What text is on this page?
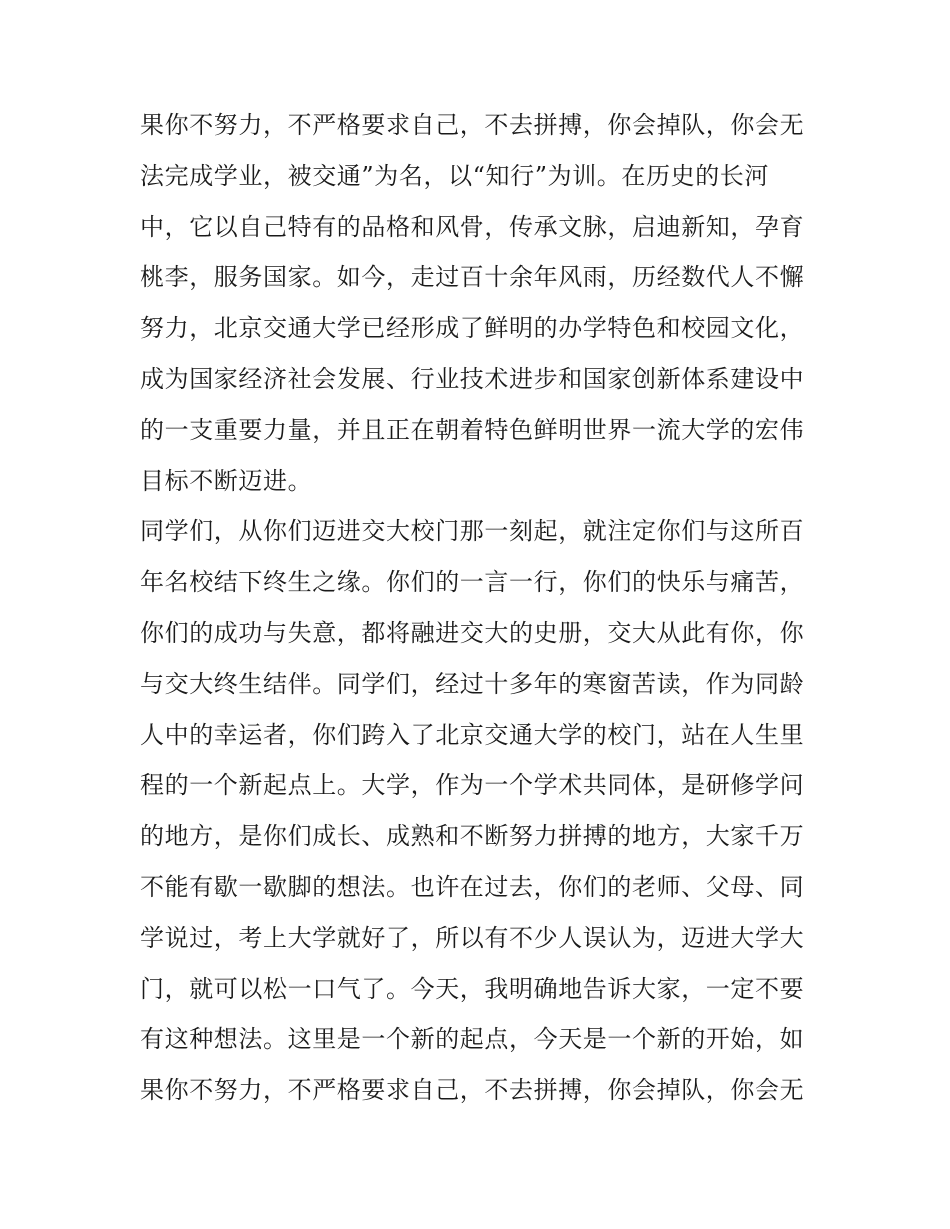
果你不努力，不严格要求自己，不去拼搏，你会掉队，你会无
法完成学业，被交通”为名，以“知行”为训。在历史的长河
中，它以自己特有的品格和风骨，传承文脉，启迪新知，孕育
桃李，服务国家。如今，走过百十余年风雨，历经数代人不懈
努力，北京交通大学已经形成了鲜明的办学特色和校园文化，
成为国家经济社会发展、行业技术进步和国家创新体系建设中
的一支重要力量，并且正在朝着特色鲜明世界一流大学的宏伟
目标不断迈进。
同学们，从你们迈进交大校门那一刻起，就注定你们与这所百
年名校结下终生之缘。你们的一言一行，你们的快乐与痛苦，
你们的成功与失意，都将融进交大的史册，交大从此有你，你
与交大终生结伴。同学们，经过十多年的寒窗苦读，作为同龄
人中的幸运者，你们跨入了北京交通大学的校门，站在人生里
程的一个新起点上。大学，作为一个学术共同体，是研修学问
的地方，是你们成长、成熟和不断努力拼搏的地方，大家千万
不能有歇一歇脚的想法。也许在过去，你们的老师、父母、同
学说过，考上大学就好了，所以有不少人误认为，迈进大学大
门，就可以松一口气了。今天，我明确地告诉大家，一定不要
有这种想法。这里是一个新的起点，今天是一个新的开始，如
果你不努力，不严格要求自己，不去拼搏，你会掉队，你会无
